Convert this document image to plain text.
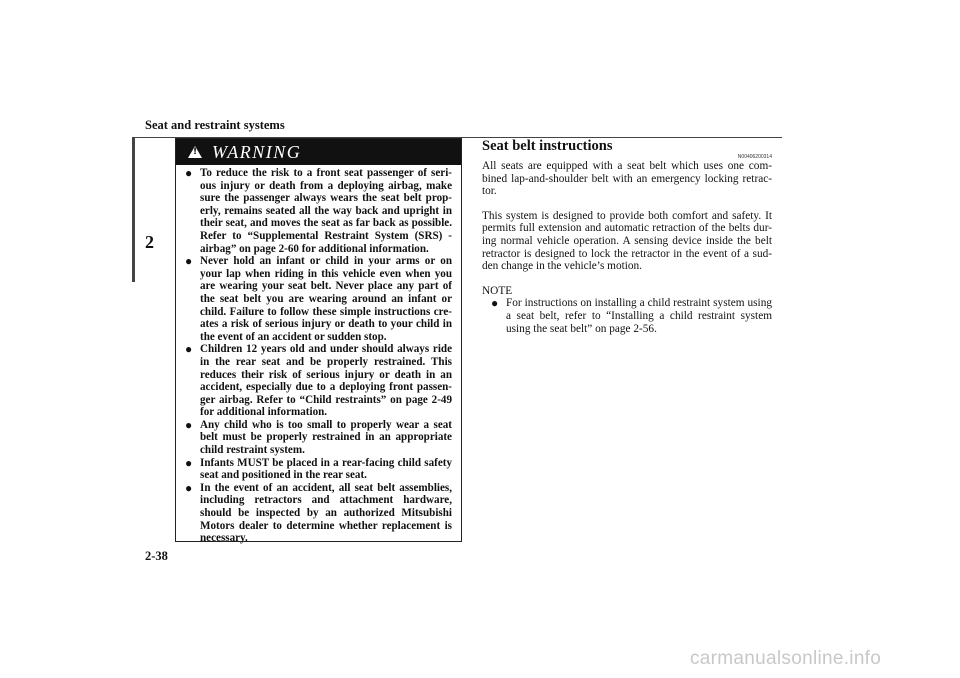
Seat and restraint systems
2
!
WARNING
● To reduce the risk to a front seat passenger of seri-ous injury or death from a deploying airbag, make sure the passenger always wears the seat belt prop-erly, remains seated all the way back and upright in their seat, and moves the seat as far back as possible. Refer to “Supplemental Restraint System (SRS) - airbag” on page 2-60 for additional information.
● Never hold an infant or child in your arms or on your lap when riding in this vehicle even when you are wearing your seat belt. Never place any part of the seat belt you are wearing around an infant or child. Failure to follow these simple instructions cre-ates a risk of serious injury or death to your child in the event of an accident or sudden stop.
● Children 12 years old and under should always ride in the rear seat and be properly restrained. This reduces their risk of serious injury or death in an accident, especially due to a deploying front passen-ger airbag. Refer to “Child restraints” on page 2-49 for additional information.
● Any child who is too small to properly wear a seat belt must be properly restrained in an appropriate child restraint system.
● Infants MUST be placed in a rear-facing child safety seat and positioned in the rear seat.
● In the event of an accident, all seat belt assemblies, including retractors and attachment hardware, should be inspected by an authorized Mitsubishi Motors dealer to determine whether replacement is necessary.
Seat belt instructions
N00406200314

All seats are equipped with a seat belt which uses one com-bined lap-and-shoulder belt with an emergency locking retrac-tor.

This system is designed to provide both comfort and safety. It permits full extension and automatic retraction of the belts dur-ing normal vehicle operation. A sensing device inside the belt retractor is designed to lock the retractor in the event of a sud-den change in the vehicle’s motion.

NOTE
● For instructions on installing a child restraint system using a seat belt, refer to “Installing a child restraint system using the seat belt” on page 2-56.
2-38
carmanualsonline.info
